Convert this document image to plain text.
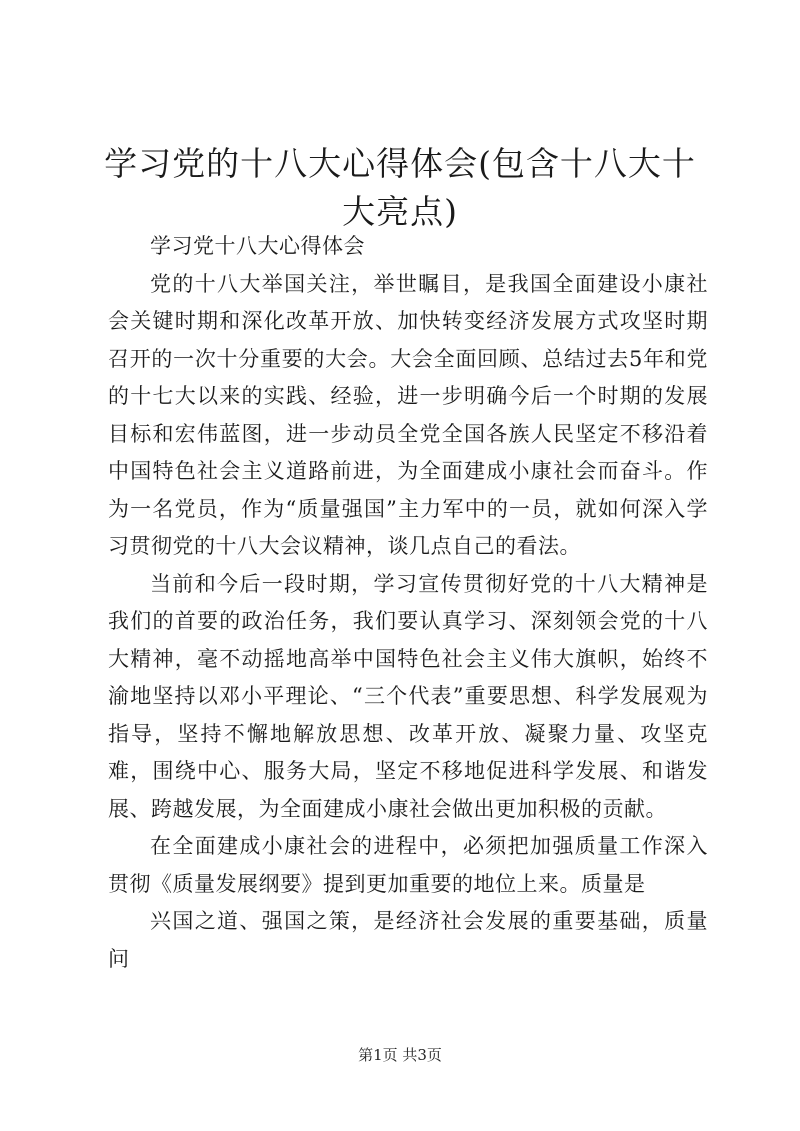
学习党的十八大心得体会(包含十八大十大亮点)

学习党十八大心得体会

党的十八大举国关注，举世瞩目，是我国全面建设小康社会关键时期和深化改革开放、加快转变经济发展方式攻坚时期召开的一次十分重要的大会。大会全面回顾、总结过去5年和党的十七大以来的实践、经验，进一步明确今后一个时期的发展目标和宏伟蓝图，进一步动员全党全国各族人民坚定不移沿着中国特色社会主义道路前进，为全面建成小康社会而奋斗。作为一名党员，作为“质量强国”主力军中的一员，就如何深入学习贯彻党的十八大会议精神，谈几点自己的看法。

当前和今后一段时期，学习宣传贯彻好党的十八大精神是我们的首要的政治任务，我们要认真学习、深刻领会党的十八大精神，毫不动摇地高举中国特色社会主义伟大旗帜，始终不渝地坚持以邓小平理论、“三个代表”重要思想、科学发展观为指导，坚持不懈地解放思想、改革开放、凝聚力量、攻坚克难，围绕中心、服务大局，坚定不移地促进科学发展、和谐发展、跨越发展，为全面建成小康社会做出更加积极的贡献。

在全面建成小康社会的进程中，必须把加强质量工作深入贯彻《质量发展纲要》提到更加重要的地位上来。质量是

兴国之道、强国之策，是经济社会发展的重要基础，质量问

第1页 共3页
